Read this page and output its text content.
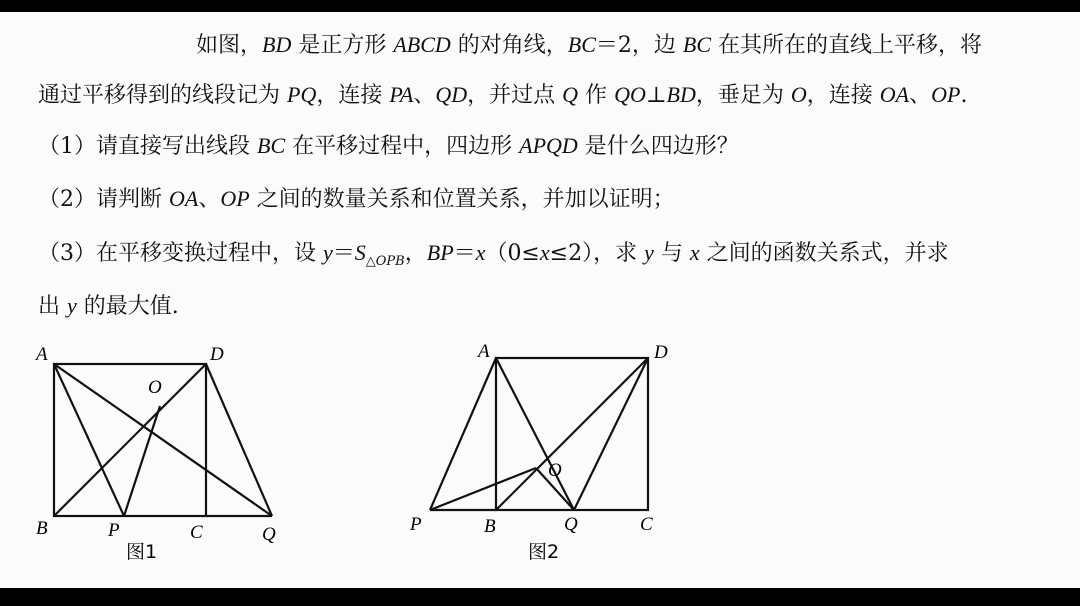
如图，BD 是正方形 ABCD 的对角线，BC＝2，边 BC 在其所在的直线上平移，将
通过平移得到的线段记为 PQ，连接 PA、QD，并过点 Q 作 QO⊥BD，垂足为 O，连接 OA、OP.
（1）请直接写出线段 BC 在平移过程中，四边形 APQD 是什么四边形？
（2）请判断 OA、OP 之间的数量关系和位置关系，并加以证明；
（3）在平移变换过程中，设 $y=S_{\triangle OPB}$，BP＝x（0≤x≤2），求 y 与 x 之间的函数关系式，并求
出 y 的最大值.
A	D
O
B	P	C	Q
图1
A	D
O
P	B	Q	C
图2
